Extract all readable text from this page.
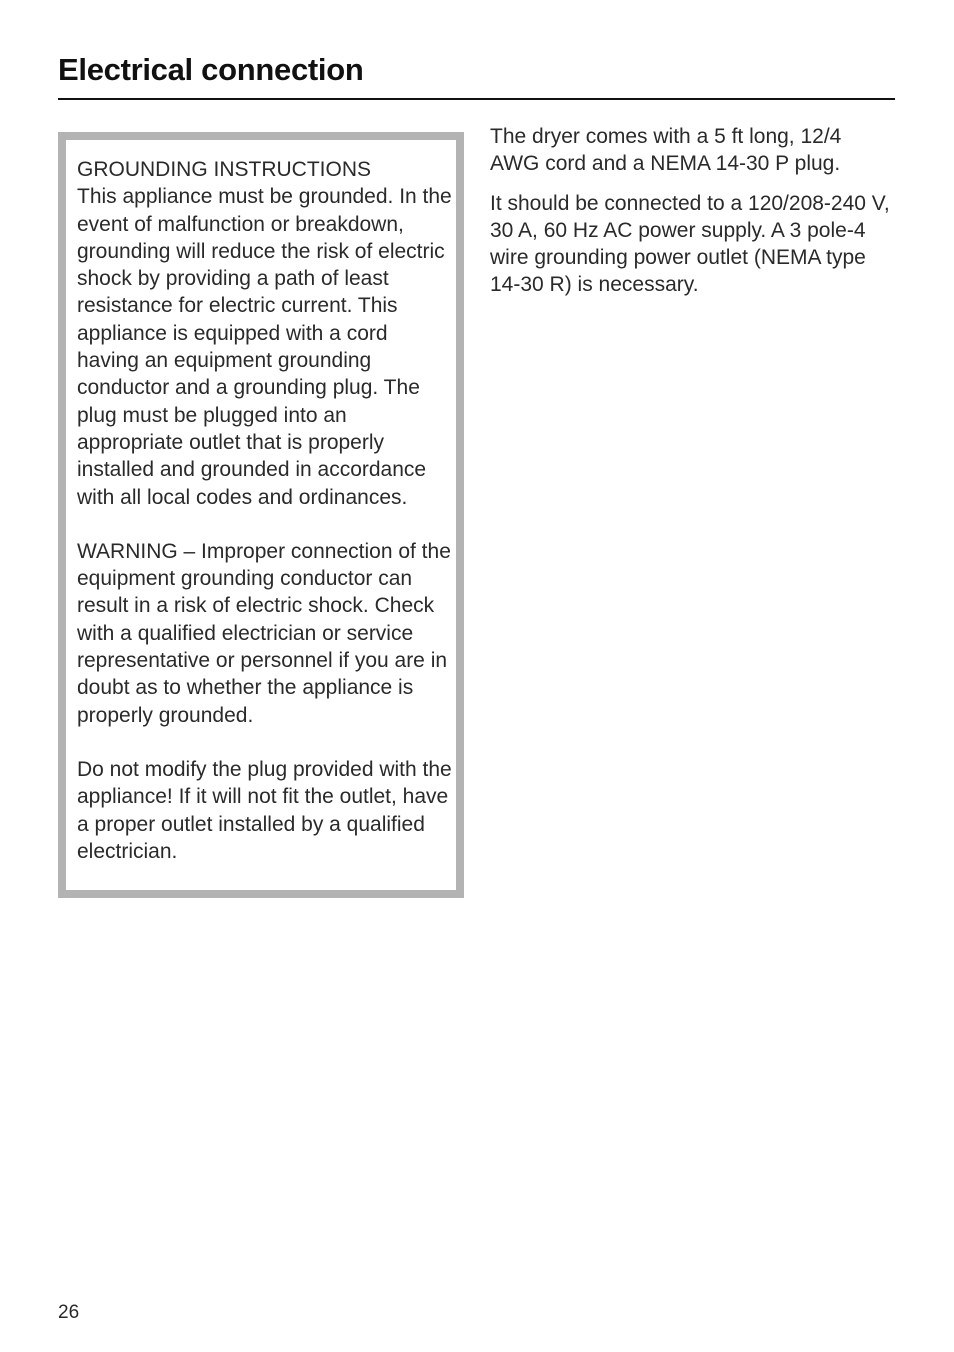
Electrical connection

GROUNDING INSTRUCTIONS
This appliance must be grounded. In the event of malfunction or breakdown, grounding will reduce the risk of electric shock by providing a path of least resistance for electric current. This appliance is equipped with a cord having an equipment grounding conductor and a grounding plug. The plug must be plugged into an appropriate outlet that is properly installed and grounded in accordance with all local codes and ordinances.

WARNING – Improper connection of the equipment grounding conductor can result in a risk of electric shock. Check with a qualified electrician or service representative or personnel if you are in doubt as to whether the appliance is properly grounded.

Do not modify the plug provided with the appliance! If it will not fit the outlet, have a proper outlet installed by a qualified electrician.

The dryer comes with a 5 ft long, 12/4 AWG cord and a NEMA 14-30 P plug.

It should be connected to a 120/208-240 V, 30 A, 60 Hz AC power supply. A 3 pole-4 wire grounding power outlet (NEMA type 14-30 R) is necessary.

26
